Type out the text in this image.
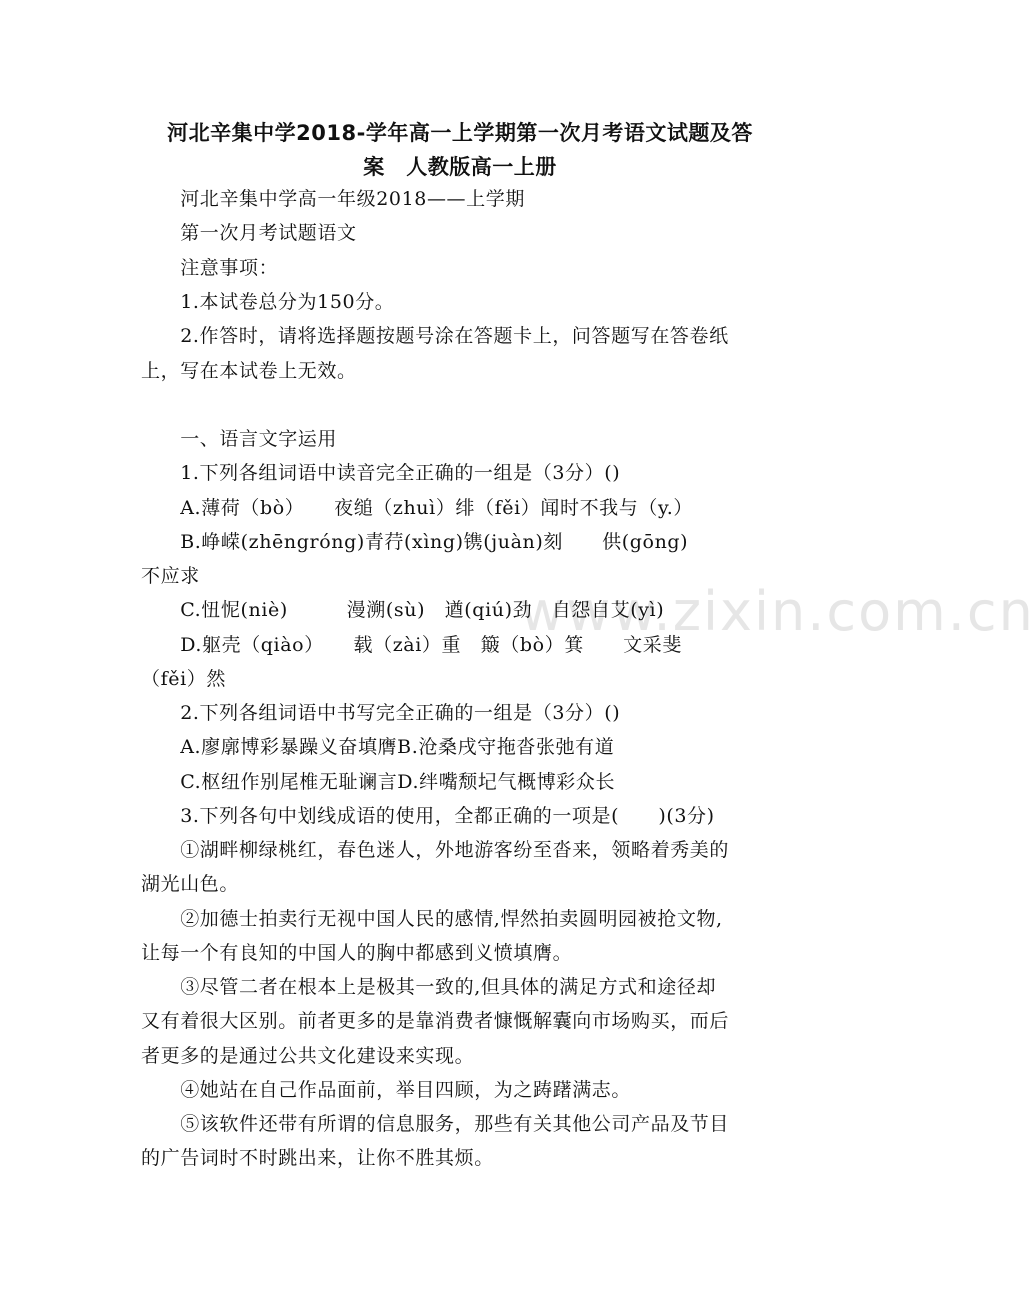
www.zixin.com.cn
河北辛集中学2018-学年高一上学期第一次月考语文试题及答
案　人教版高一上册
　　河北辛集中学高一年级2018——上学期
　　第一次月考试题语文
　　注意事项：
　　1.本试卷总分为150分。
　　2.作答时，请将选择题按题号涂在答题卡上，问答题写在答卷纸
上，写在本试卷上无效。
　　一、语言文字运用
　　1.下列各组词语中读音完全正确的一组是（3分）()
　　A.薄荷（bò）　　夜缒（zhuì）绯（fěi）闻时不我与（y.）
　　B.峥嵘(zhēngróng)青荇(xìng)镌(juàn)刻　　供(gōng)
不应求
　　C.忸怩(niè)　　　漫溯(sù)　遒(qiú)劲　自怨自艾(yì)
　　D.躯壳（qiào）　　载（zài）重　簸（bò）箕　　文采斐
（fěi）然
　　2.下列各组词语中书写完全正确的一组是（3分）()
　　A.廖廓博彩暴躁义奋填膺B.沧桑戌守拖沓张弛有道
　　C.枢纽作别尾椎无耻谰言D.绊嘴颓圮气概博彩众长
　　3.下列各句中划线成语的使用，全都正确的一项是(　　)(3分)
　　①湖畔柳绿桃红，春色迷人，外地游客纷至沓来，领略着秀美的
湖光山色。
　　②加德士拍卖行无视中国人民的感情,悍然拍卖圆明园被抢文物,
让每一个有良知的中国人的胸中都感到义愤填膺。
　　③尽管二者在根本上是极其一致的,但具体的满足方式和途径却
又有着很大区别。前者更多的是靠消费者慷慨解囊向市场购买，而后
者更多的是通过公共文化建设来实现。
　　④她站在自己作品面前，举目四顾，为之踌躇满志。
　　⑤该软件还带有所谓的信息服务，那些有关其他公司产品及节目
的广告词时不时跳出来，让你不胜其烦。
